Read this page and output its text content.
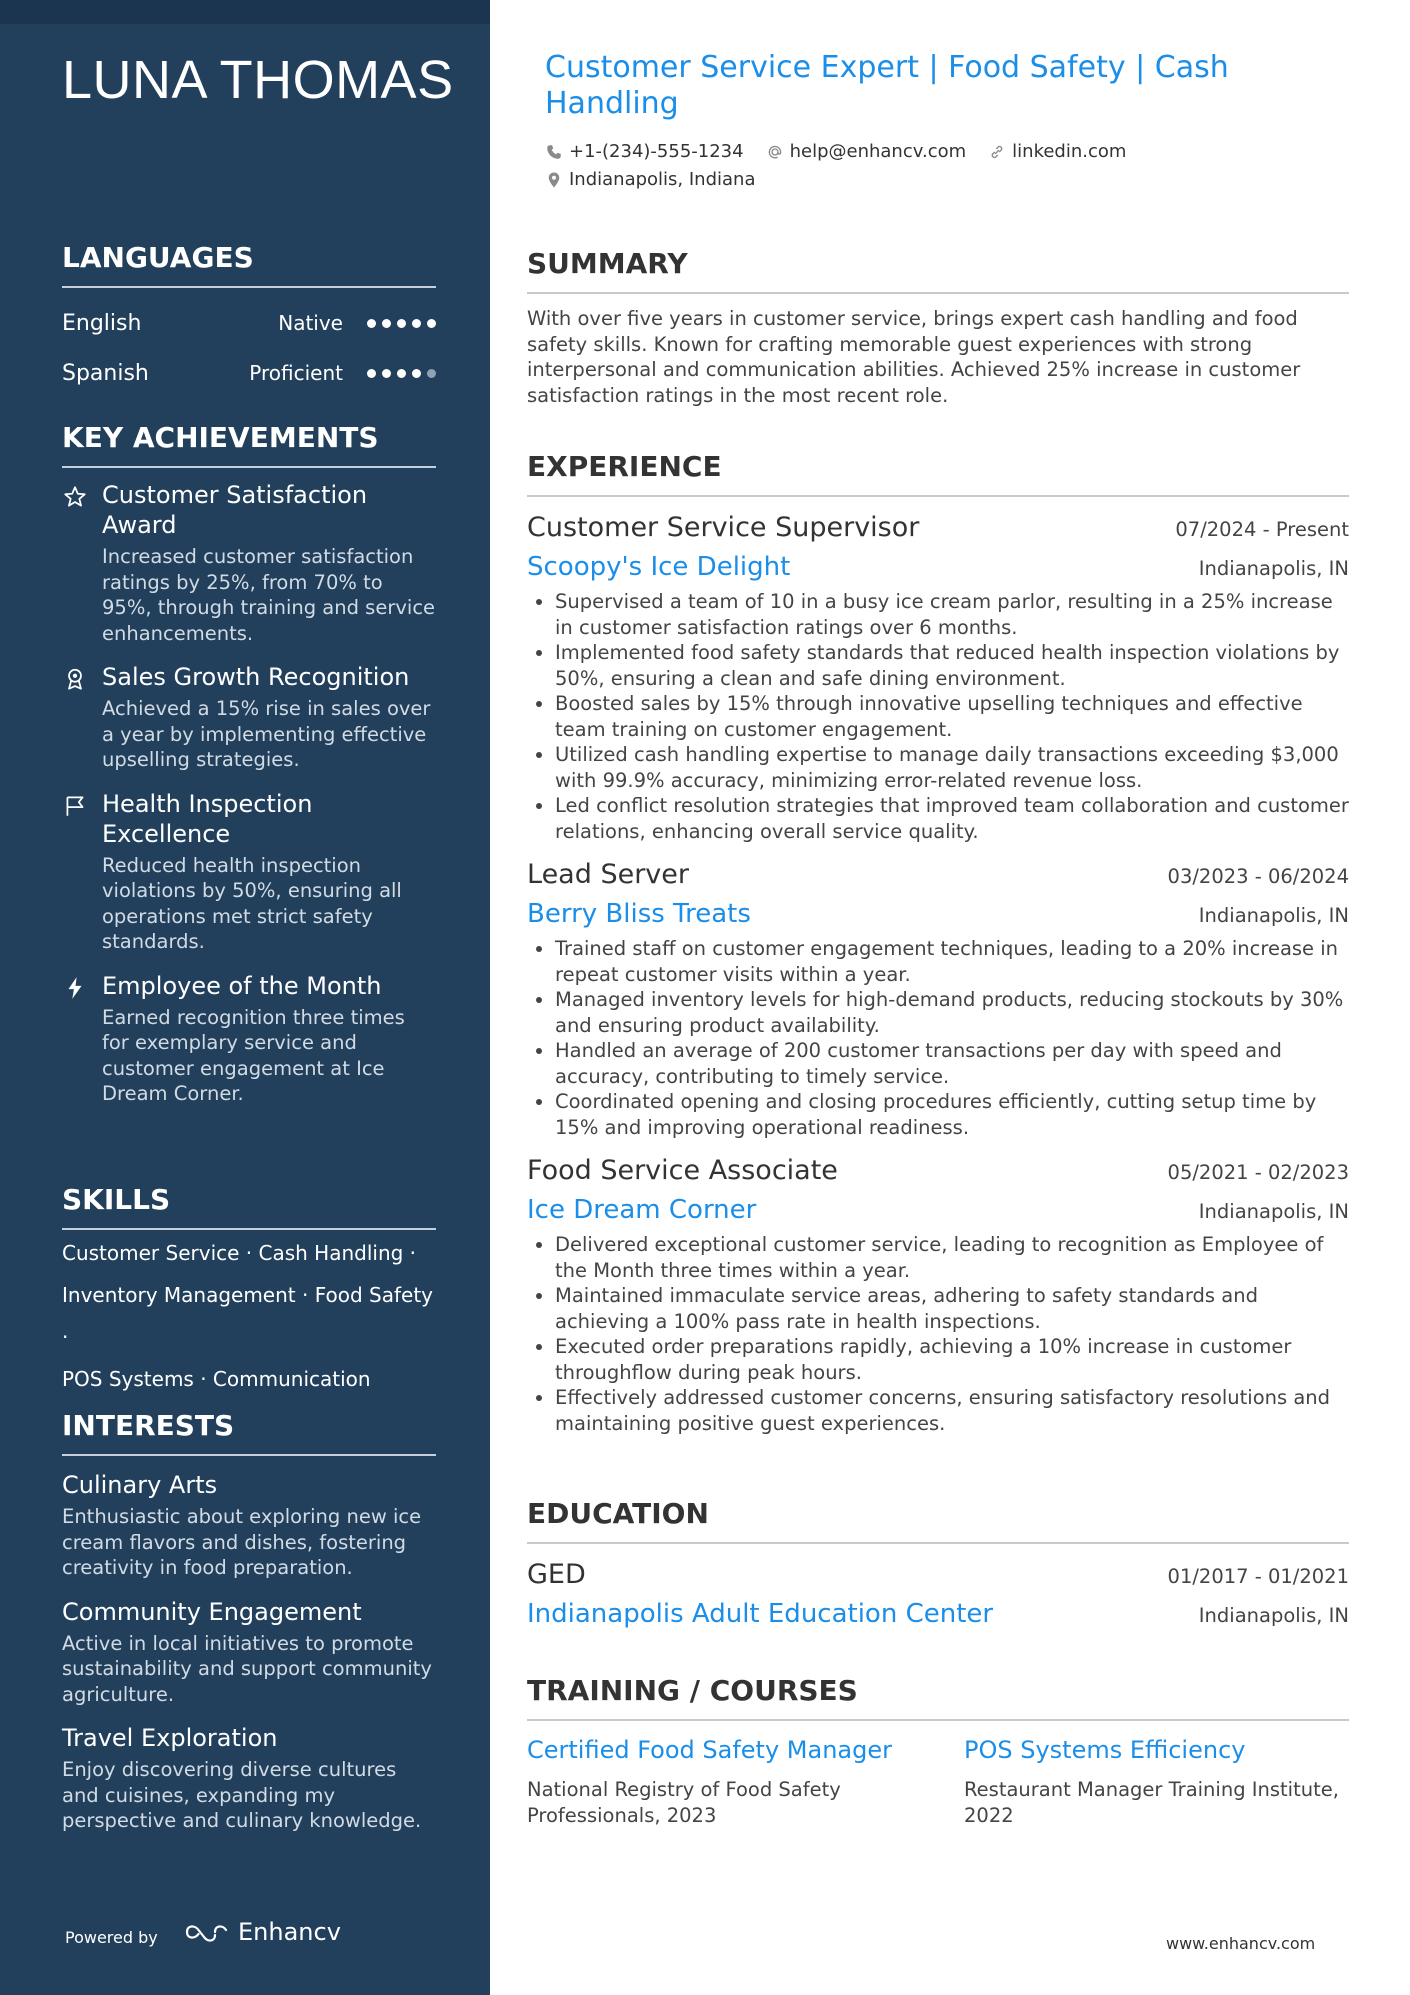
LUNA THOMAS
LANGUAGES
English	Native
Spanish	Proficient
KEY ACHIEVEMENTS
Customer Satisfaction Award
Increased customer satisfaction ratings by 25%, from 70% to 95%, through training and service enhancements.
Sales Growth Recognition
Achieved a 15% rise in sales over a year by implementing effective upselling strategies.
Health Inspection Excellence
Reduced health inspection violations by 50%, ensuring all operations met strict safety standards.
Employee of the Month
Earned recognition three times for exemplary service and customer engagement at Ice Dream Corner.
SKILLS
Customer Service · Cash Handling ·
Inventory Management · Food Safety ·
POS Systems · Communication
INTERESTS
Culinary Arts
Enthusiastic about exploring new ice cream flavors and dishes, fostering creativity in food preparation.
Community Engagement
Active in local initiatives to promote sustainability and support community agriculture.
Travel Exploration
Enjoy discovering diverse cultures and cuisines, expanding my perspective and culinary knowledge.
Powered by	Enhancv
Customer Service Expert | Food Safety | Cash Handling
+1-(234)-555-1234	help@enhancv.com	linkedin.com
Indianapolis, Indiana
SUMMARY
With over five years in customer service, brings expert cash handling and food safety skills. Known for crafting memorable guest experiences with strong interpersonal and communication abilities. Achieved 25% increase in customer satisfaction ratings in the most recent role.
EXPERIENCE
Customer Service Supervisor	07/2024 - Present
Scoopy's Ice Delight	Indianapolis, IN
• Supervised a team of 10 in a busy ice cream parlor, resulting in a 25% increase in customer satisfaction ratings over 6 months.
• Implemented food safety standards that reduced health inspection violations by 50%, ensuring a clean and safe dining environment.
• Boosted sales by 15% through innovative upselling techniques and effective team training on customer engagement.
• Utilized cash handling expertise to manage daily transactions exceeding $3,000 with 99.9% accuracy, minimizing error-related revenue loss.
• Led conflict resolution strategies that improved team collaboration and customer relations, enhancing overall service quality.
Lead Server	03/2023 - 06/2024
Berry Bliss Treats	Indianapolis, IN
• Trained staff on customer engagement techniques, leading to a 20% increase in repeat customer visits within a year.
• Managed inventory levels for high-demand products, reducing stockouts by 30% and ensuring product availability.
• Handled an average of 200 customer transactions per day with speed and accuracy, contributing to timely service.
• Coordinated opening and closing procedures efficiently, cutting setup time by 15% and improving operational readiness.
Food Service Associate	05/2021 - 02/2023
Ice Dream Corner	Indianapolis, IN
• Delivered exceptional customer service, leading to recognition as Employee of the Month three times within a year.
• Maintained immaculate service areas, adhering to safety standards and achieving a 100% pass rate in health inspections.
• Executed order preparations rapidly, achieving a 10% increase in customer throughflow during peak hours.
• Effectively addressed customer concerns, ensuring satisfactory resolutions and maintaining positive guest experiences.
EDUCATION
GED	01/2017 - 01/2021
Indianapolis Adult Education Center	Indianapolis, IN
TRAINING / COURSES
Certified Food Safety Manager
National Registry of Food Safety Professionals, 2023
POS Systems Efficiency
Restaurant Manager Training Institute, 2022
www.enhancv.com
